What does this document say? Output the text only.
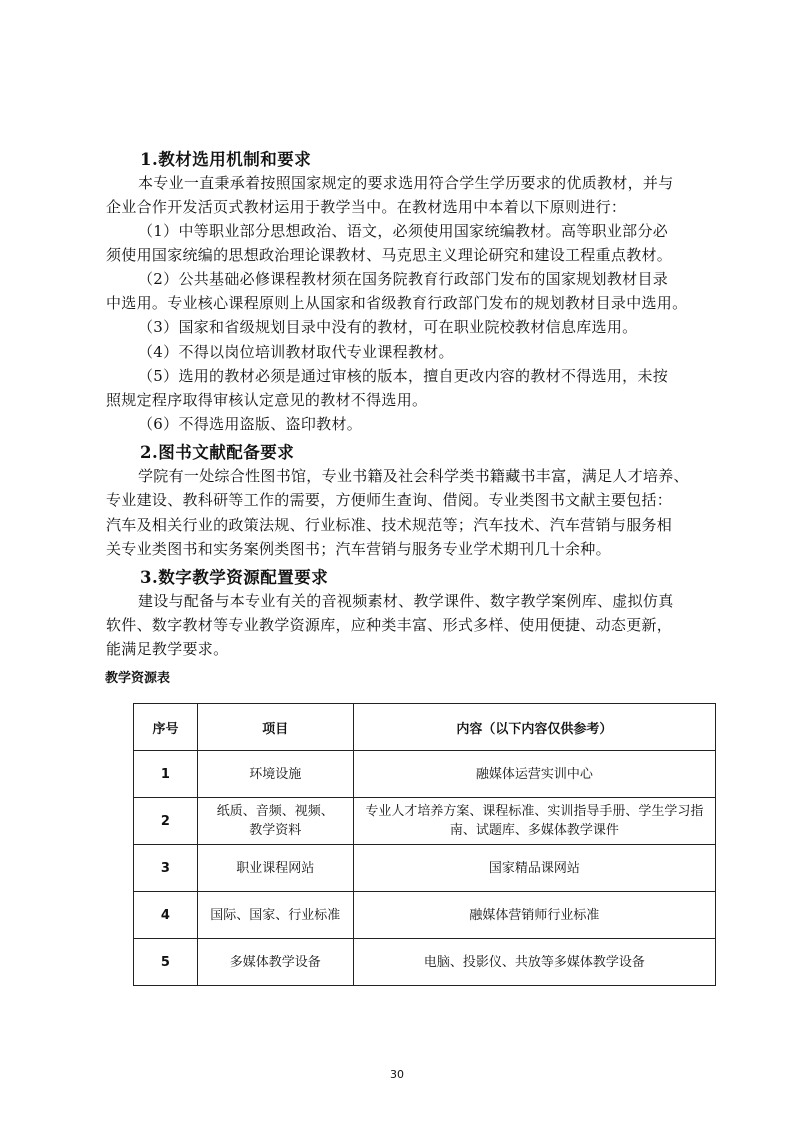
1.教材选用机制和要求
本专业一直秉承着按照国家规定的要求选用符合学生学历要求的优质教材，并与
企业合作开发活页式教材运用于教学当中。在教材选用中本着以下原则进行：
（1）中等职业部分思想政治、语文，必须使用国家统编教材。高等职业部分必
须使用国家统编的思想政治理论课教材、马克思主义理论研究和建设工程重点教材。
（2）公共基础必修课程教材须在国务院教育行政部门发布的国家规划教材目录
中选用。专业核心课程原则上从国家和省级教育行政部门发布的规划教材目录中选用。
（3）国家和省级规划目录中没有的教材，可在职业院校教材信息库选用。
（4）不得以岗位培训教材取代专业课程教材。
（5）选用的教材必须是通过审核的版本，擅自更改内容的教材不得选用，未按
照规定程序取得审核认定意见的教材不得选用。
（6）不得选用盗版、盗印教材。
2.图书文献配备要求
学院有一处综合性图书馆，专业书籍及社会科学类书籍藏书丰富，满足人才培养、
专业建设、教科研等工作的需要，方便师生查询、借阅。专业类图书文献主要包括：
汽车及相关行业的政策法规、行业标准、技术规范等；汽车技术、汽车营销与服务相
关专业类图书和实务案例类图书；汽车营销与服务专业学术期刊几十余种。
3.数字教学资源配置要求
建设与配备与本专业有关的音视频素材、教学课件、数字教学案例库、虚拟仿真
软件、数字教材等专业教学资源库，应种类丰富、形式多样、使用便捷、动态更新，
能满足教学要求。
教学资源表
序号	项目	内容（以下内容仅供参考）
1	环境设施	融媒体运营实训中心
2	纸质、音频、视频、教学资料	专业人才培养方案、课程标准、实训指导手册、学生学习指南、试题库、多媒体教学课件
3	职业课程网站	国家精品课网站
4	国际、国家、行业标准	融媒体营销师行业标准
5	多媒体教学设备	电脑、投影仪、共放等多媒体教学设备
30
